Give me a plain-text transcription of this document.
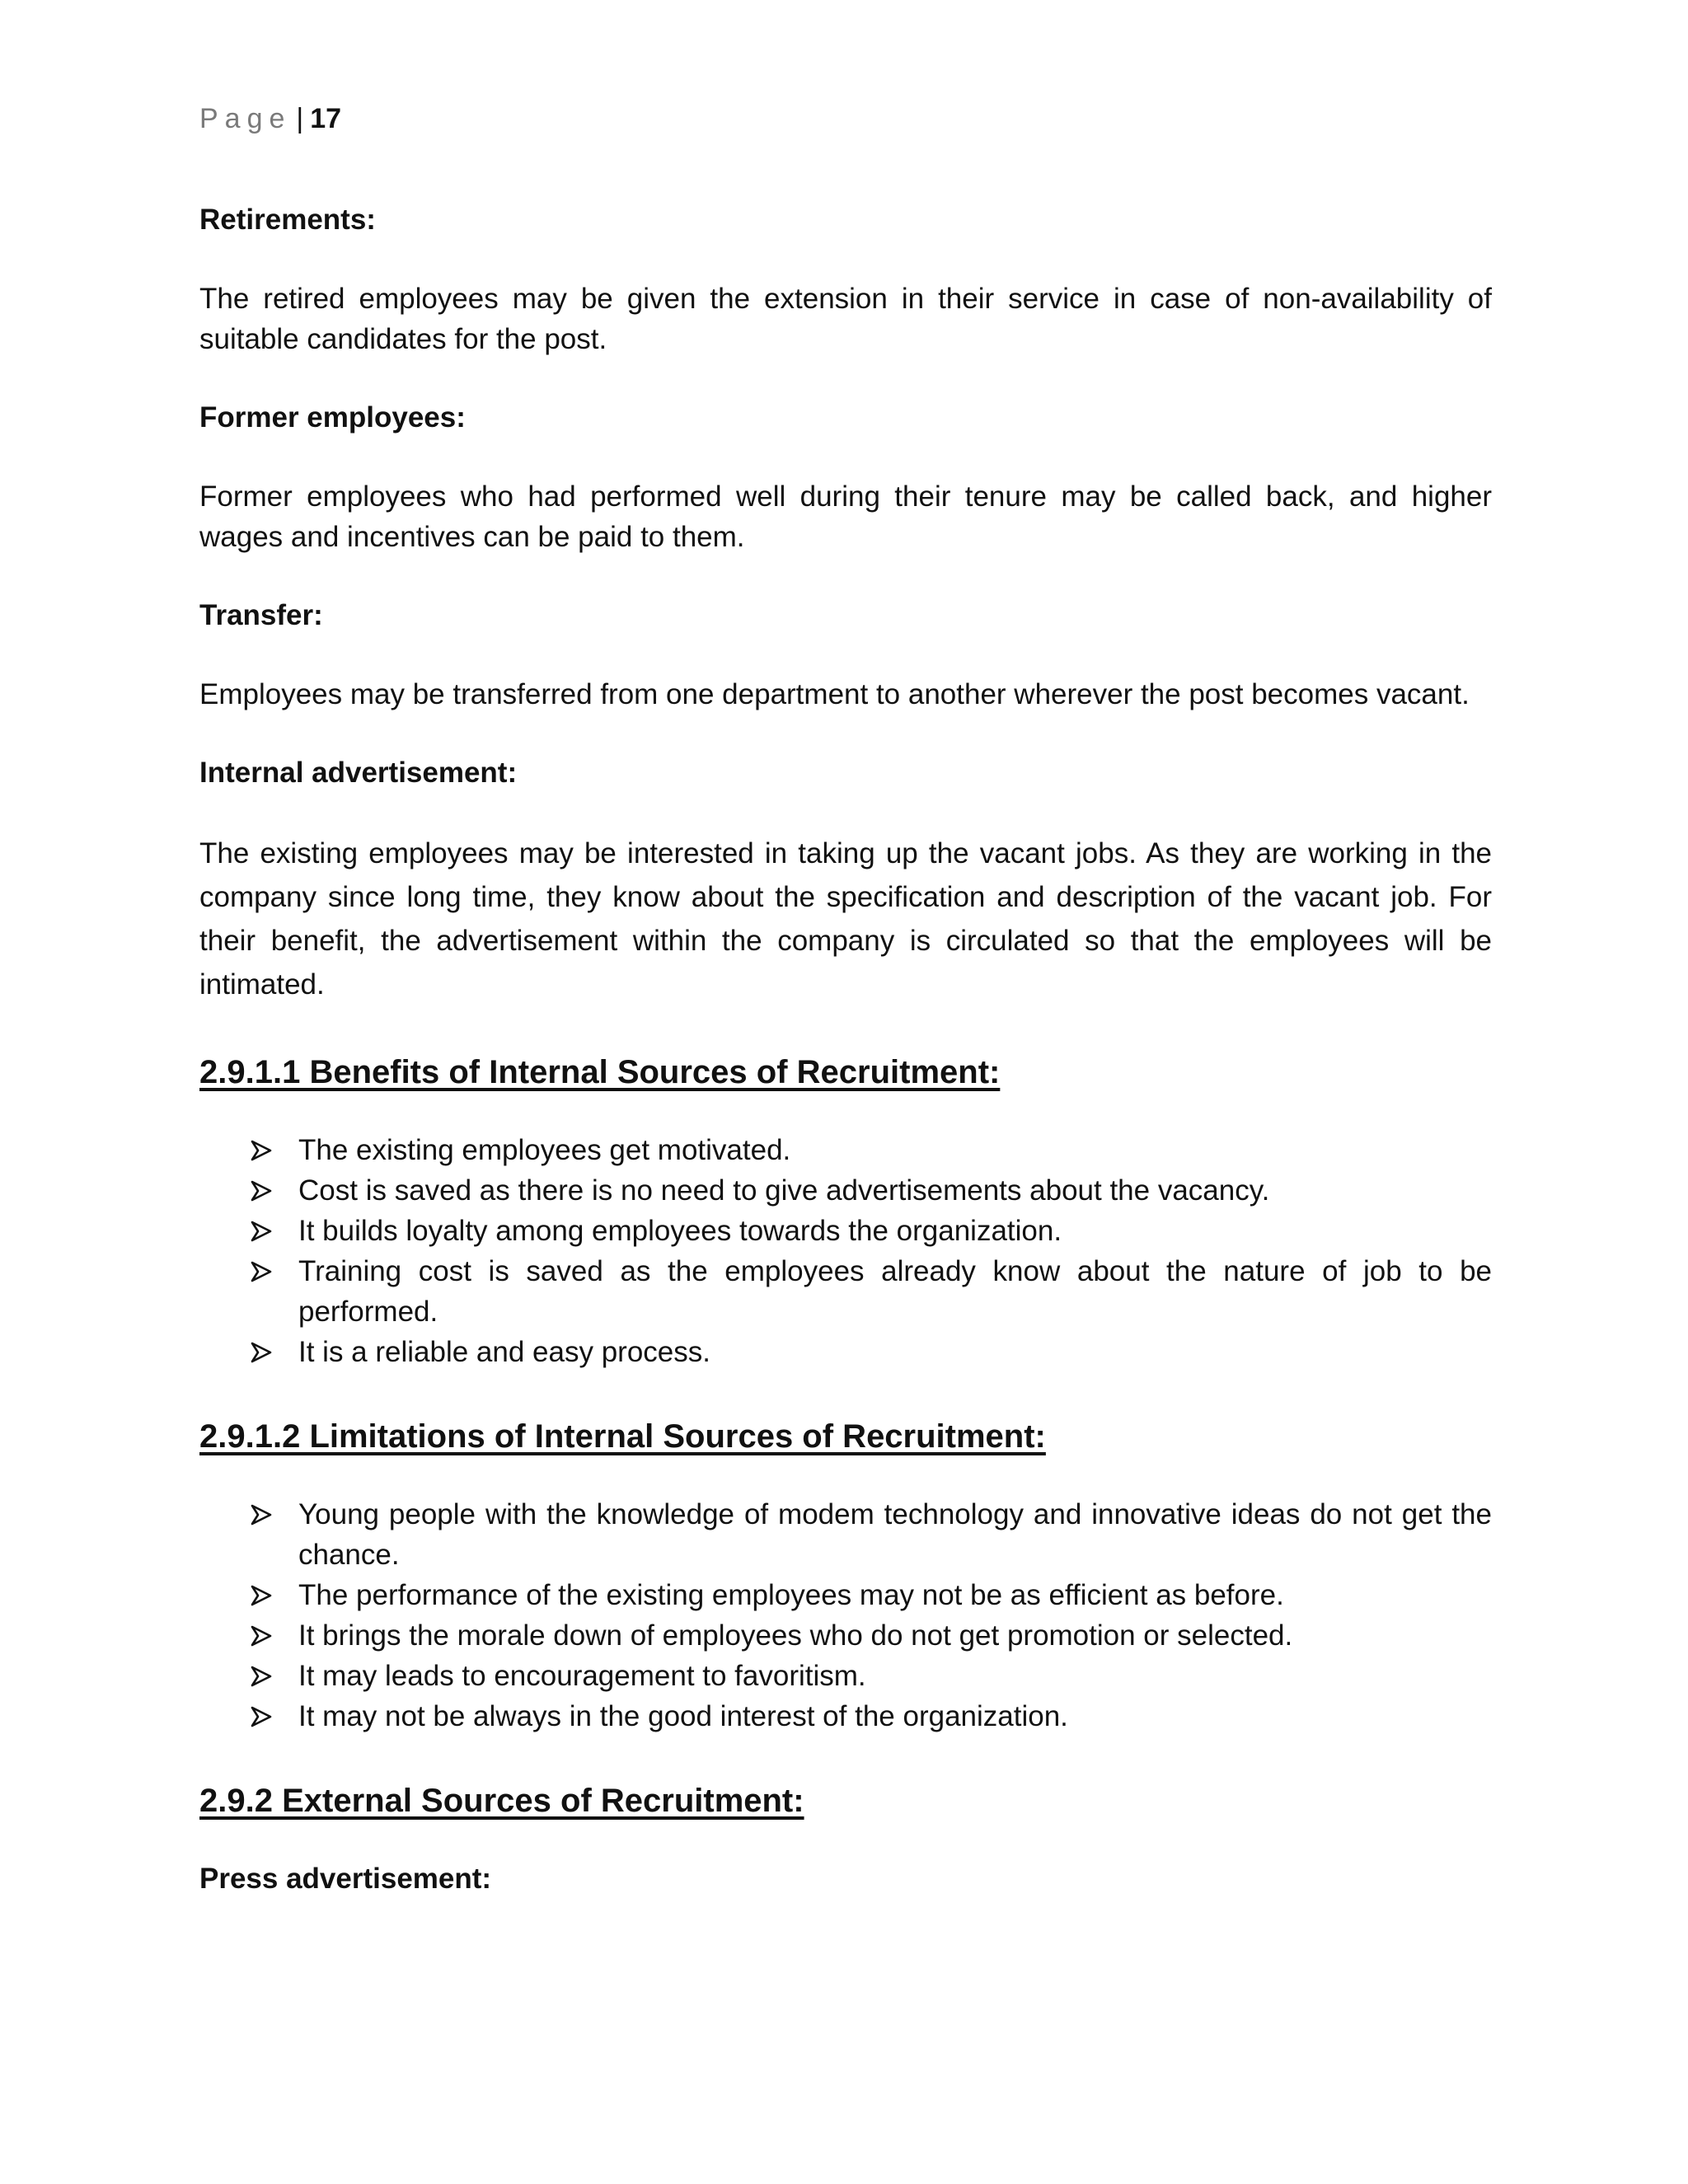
Page | 17
Retirements:

The retired employees may be given the extension in their service in case of non-availability of suitable candidates for the post.

Former employees:

Former employees who had performed well during their tenure may be called back, and higher wages and incentives can be paid to them.

Transfer:

Employees may be transferred from one department to another wherever the post becomes vacant.

Internal advertisement:

The existing employees may be interested in taking up the vacant jobs. As they are working in the company since long time, they know about the specification and description of the vacant job. For their benefit, the advertisement within the company is circulated so that the employees will be intimated.

2.9.1.1 Benefits of Internal Sources of Recruitment:
The existing employees get motivated.
Cost is saved as there is no need to give advertisements about the vacancy.
It builds loyalty among employees towards the organization.
Training cost is saved as the employees already know about the nature of job to be performed.
It is a reliable and easy process.
2.9.1.2 Limitations of Internal Sources of Recruitment:
Young people with the knowledge of modem technology and innovative ideas do not get the chance.
The performance of the existing employees may not be as efficient as before.
It brings the morale down of employees who do not get promotion or selected.
It may leads to encouragement to favoritism.
It may not be always in the good interest of the organization.
2.9.2 External Sources of Recruitment:
Press advertisement:
